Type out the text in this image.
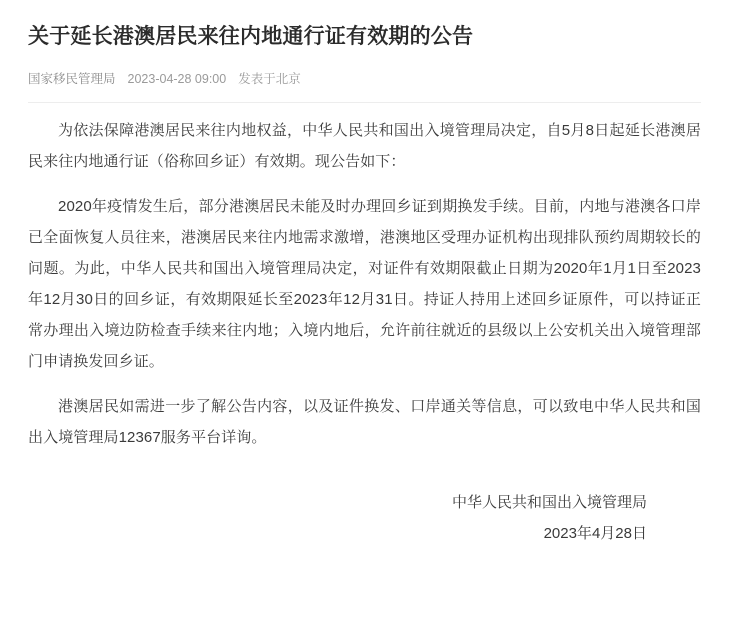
关于延长港澳居民来往内地通行证有效期的公告
国家移民管理局 2023-04-28 09:00 发表于北京

为依法保障港澳居民来往内地权益，中华人民共和国出入境管理局决定，自5月8日起延长港澳居民来往内地通行证（俗称回乡证）有效期。现公告如下：

2020年疫情发生后，部分港澳居民未能及时办理回乡证到期换发手续。目前，内地与港澳各口岸已全面恢复人员往来，港澳居民来往内地需求激增，港澳地区受理办证机构出现排队预约周期较长的问题。为此，中华人民共和国出入境管理局决定，对证件有效期限截止日期为2020年1月1日至2023年12月30日的回乡证，有效期限延长至2023年12月31日。持证人持用上述回乡证原件，可以持证正常办理出入境边防检查手续来往内地；入境内地后，允许前往就近的县级以上公安机关出入境管理部门申请换发回乡证。

港澳居民如需进一步了解公告内容，以及证件换发、口岸通关等信息，可以致电中华人民共和国出入境管理局12367服务平台详询。

中华人民共和国出入境管理局
2023年4月28日
